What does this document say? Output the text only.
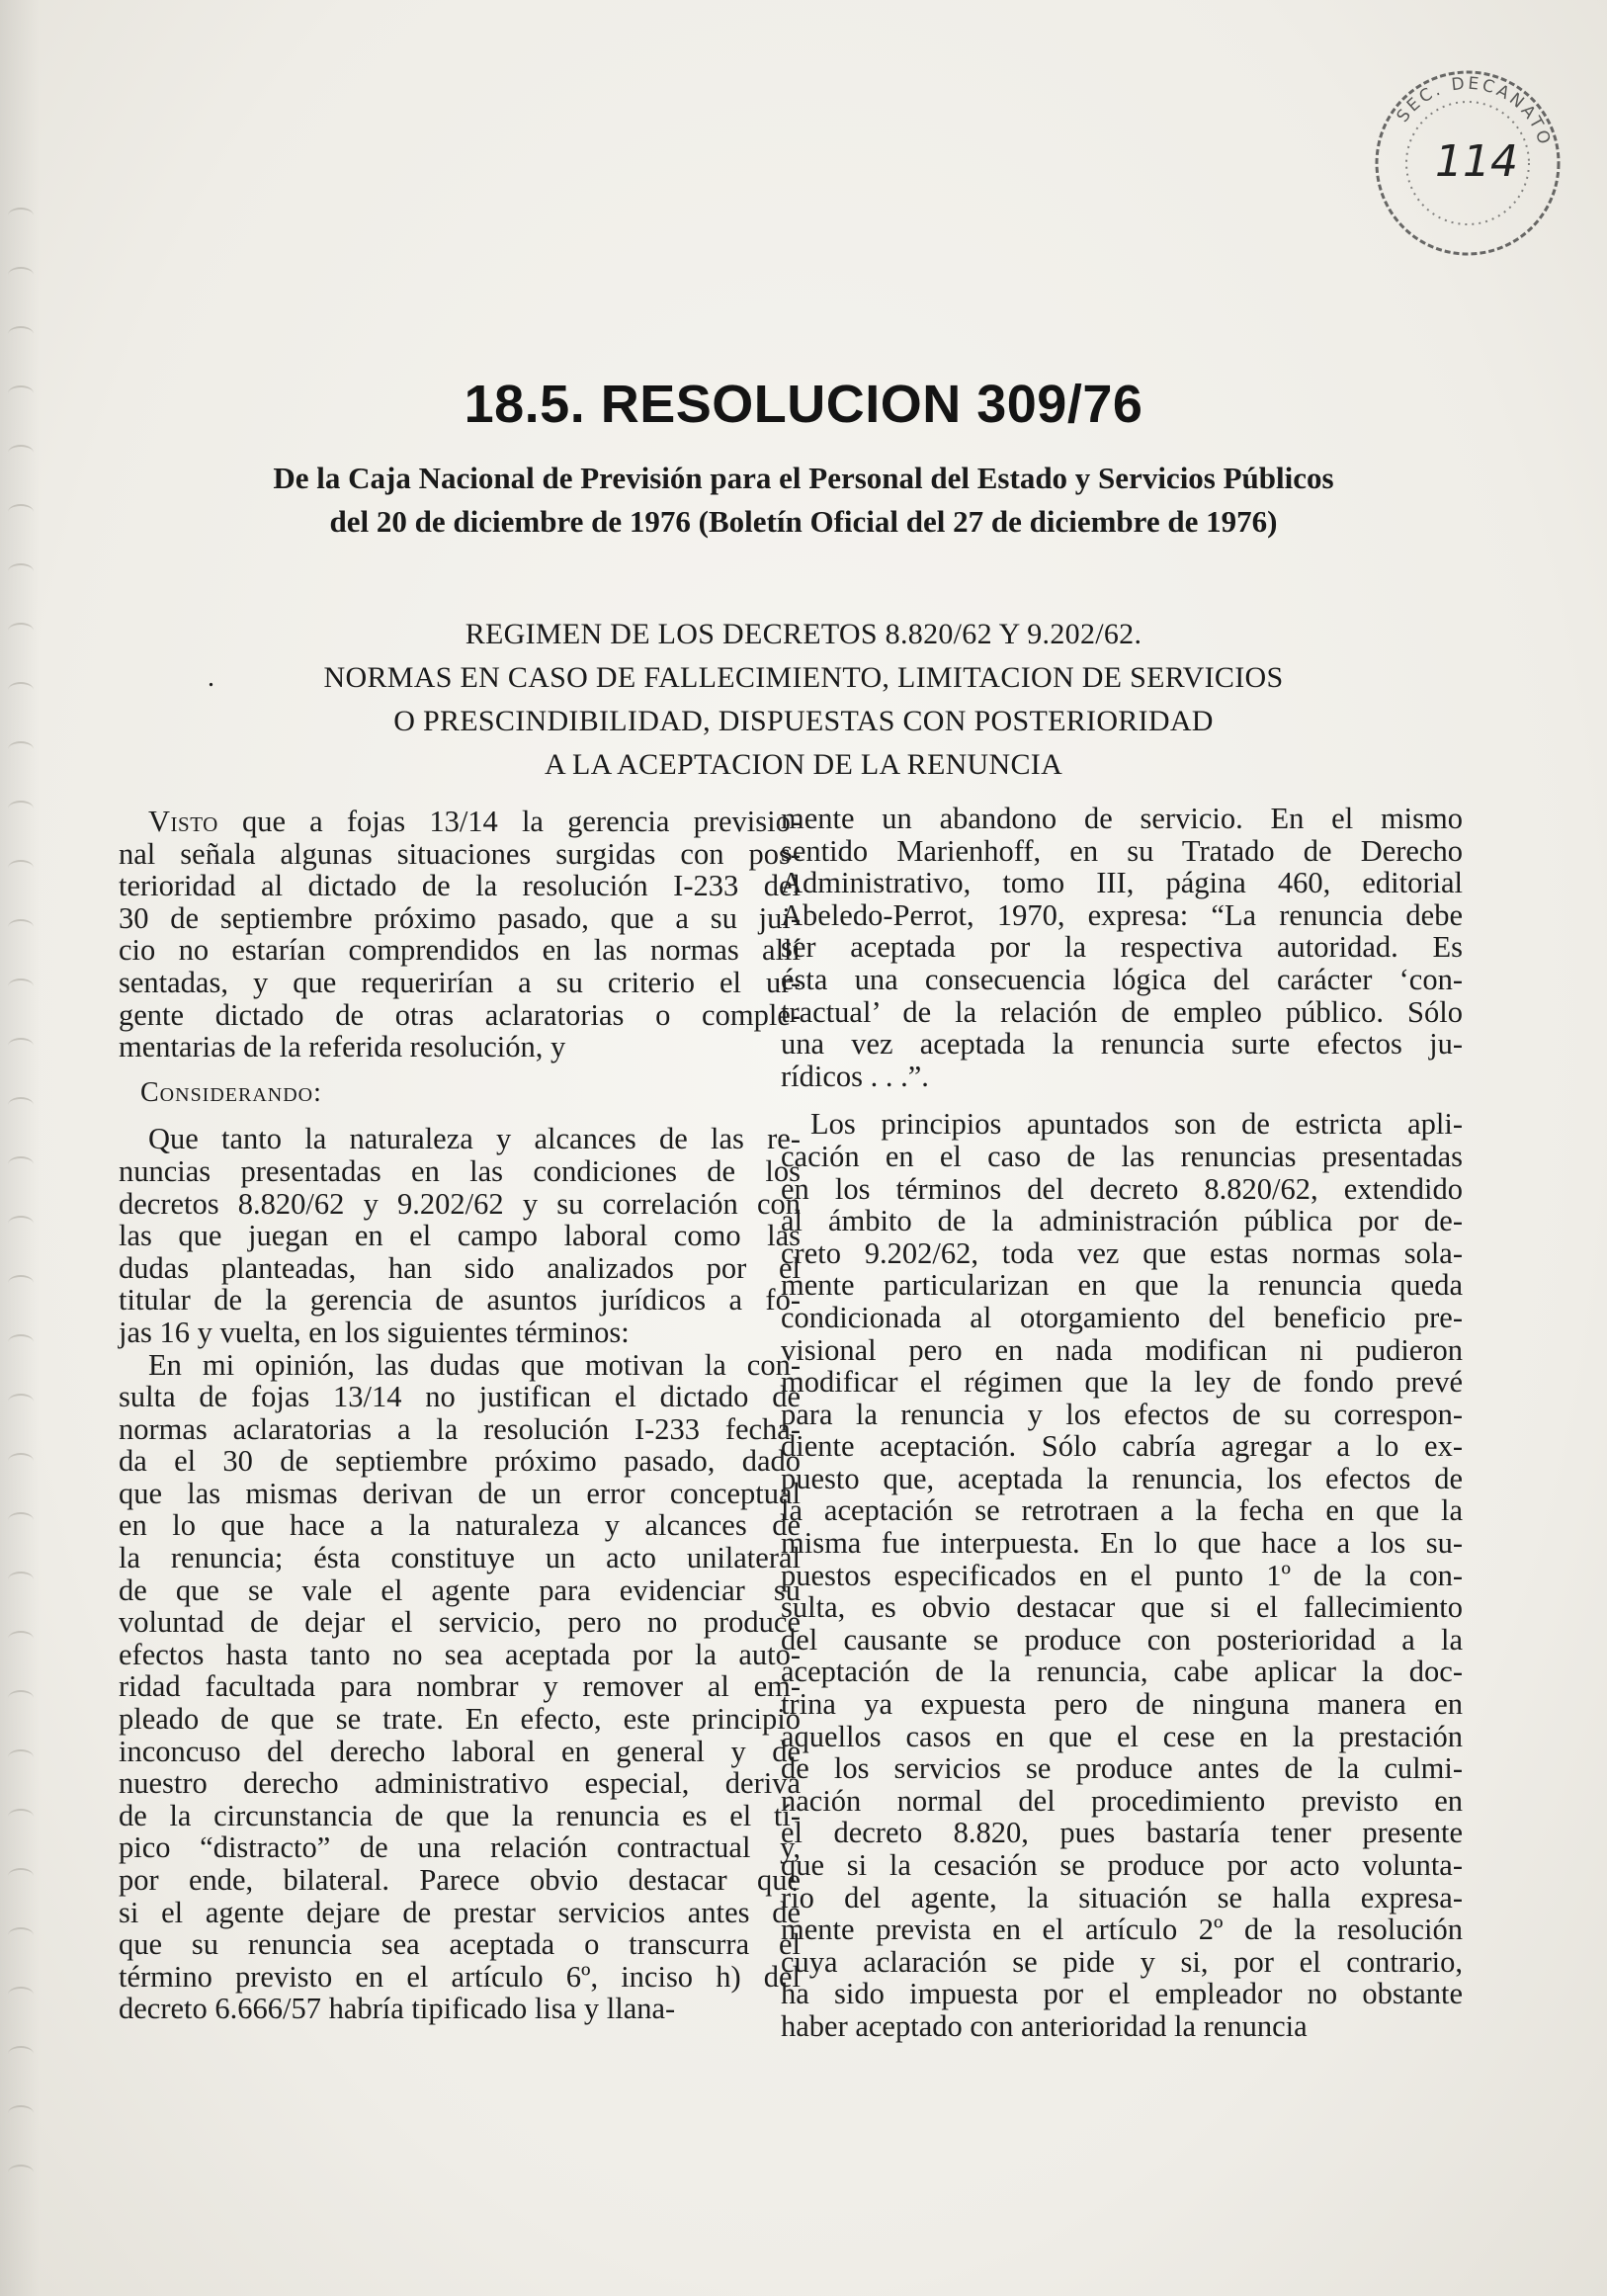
SEC. DECANATO
114
18.5. RESOLUCION 309/76
De la Caja Nacional de Previsión para el Personal del Estado y Servicios Públicos
del 20 de diciembre de 1976 (Boletín Oficial del 27 de diciembre de 1976)
.
REGIMEN DE LOS DECRETOS 8.820/62 Y 9.202/62.
NORMAS EN CASO DE FALLECIMIENTO, LIMITACION DE SERVICIOS
O PRESCINDIBILIDAD, DISPUESTAS CON POSTERIORIDAD
A LA ACEPTACION DE LA RENUNCIA
Visto que a fojas 13/14 la gerencia previsio-
nal señala algunas situaciones surgidas con pos-
terioridad al dictado de la resolución I-233 del
30 de septiembre próximo pasado, que a su jui-
cio no estarían comprendidos en las normas allí
sentadas, y que requerirían a su criterio el ur-
gente dictado de otras aclaratorias o comple-
mentarias de la referida resolución, y
Considerando:
Que tanto la naturaleza y alcances de las re-
nuncias presentadas en las condiciones de los
decretos 8.820/62 y 9.202/62 y su correlación con
las que juegan en el campo laboral como las
dudas planteadas, han sido analizados por el
titular de la gerencia de asuntos jurídicos a fo-
jas 16 y vuelta, en los siguientes términos:
En mi opinión, las dudas que motivan la con-
sulta de fojas 13/14 no justifican el dictado de
normas aclaratorias a la resolución I-233 fecha-
da el 30 de septiembre próximo pasado, dado
que las mismas derivan de un error conceptual
en lo que hace a la naturaleza y alcances de
la renuncia; ésta constituye un acto unilateral
de que se vale el agente para evidenciar su
voluntad de dejar el servicio, pero no produce
efectos hasta tanto no sea aceptada por la auto-
ridad facultada para nombrar y remover al em-
pleado de que se trate. En efecto, este principio
inconcuso del derecho laboral en general y de
nuestro derecho administrativo especial, deriva
de la circunstancia de que la renuncia es el tí-
pico “distracto” de una relación contractual y,
por ende, bilateral. Parece obvio destacar que
si el agente dejare de prestar servicios antes de
que su renuncia sea aceptada o transcurra el
término previsto en el artículo 6º, inciso h) del
decreto 6.666/57 habría tipificado lisa y llana-
mente un abandono de servicio. En el mismo
sentido Marienhoff, en su Tratado de Derecho
Administrativo, tomo III, página 460, editorial
Abeledo-Perrot, 1970, expresa: “La renuncia debe
ser aceptada por la respectiva autoridad. Es
ésta una consecuencia lógica del carácter ‘con-
tractual’ de la relación de empleo público. Sólo
una vez aceptada la renuncia surte efectos ju-
rídicos . . .”.
Los principios apuntados son de estricta apli-
cación en el caso de las renuncias presentadas
en los términos del decreto 8.820/62, extendido
al ámbito de la administración pública por de-
creto 9.202/62, toda vez que estas normas sola-
mente particularizan en que la renuncia queda
condicionada al otorgamiento del beneficio pre-
visional pero en nada modifican ni pudieron
modificar el régimen que la ley de fondo prevé
para la renuncia y los efectos de su correspon-
diente aceptación. Sólo cabría agregar a lo ex-
puesto que, aceptada la renuncia, los efectos de
la aceptación se retrotraen a la fecha en que la
misma fue interpuesta. En lo que hace a los su-
puestos especificados en el punto 1º de la con-
sulta, es obvio destacar que si el fallecimiento
del causante se produce con posterioridad a la
aceptación de la renuncia, cabe aplicar la doc-
trina ya expuesta pero de ninguna manera en
aquellos casos en que el cese en la prestación
de los servicios se produce antes de la culmi-
nación normal del procedimiento previsto en
el decreto 8.820, pues bastaría tener presente
que si la cesación se produce por acto volunta-
rio del agente, la situación se halla expresa-
mente prevista en el artículo 2º de la resolución
cuya aclaración se pide y si, por el contrario,
ha sido impuesta por el empleador no obstante
haber aceptado con anterioridad la renuncia
